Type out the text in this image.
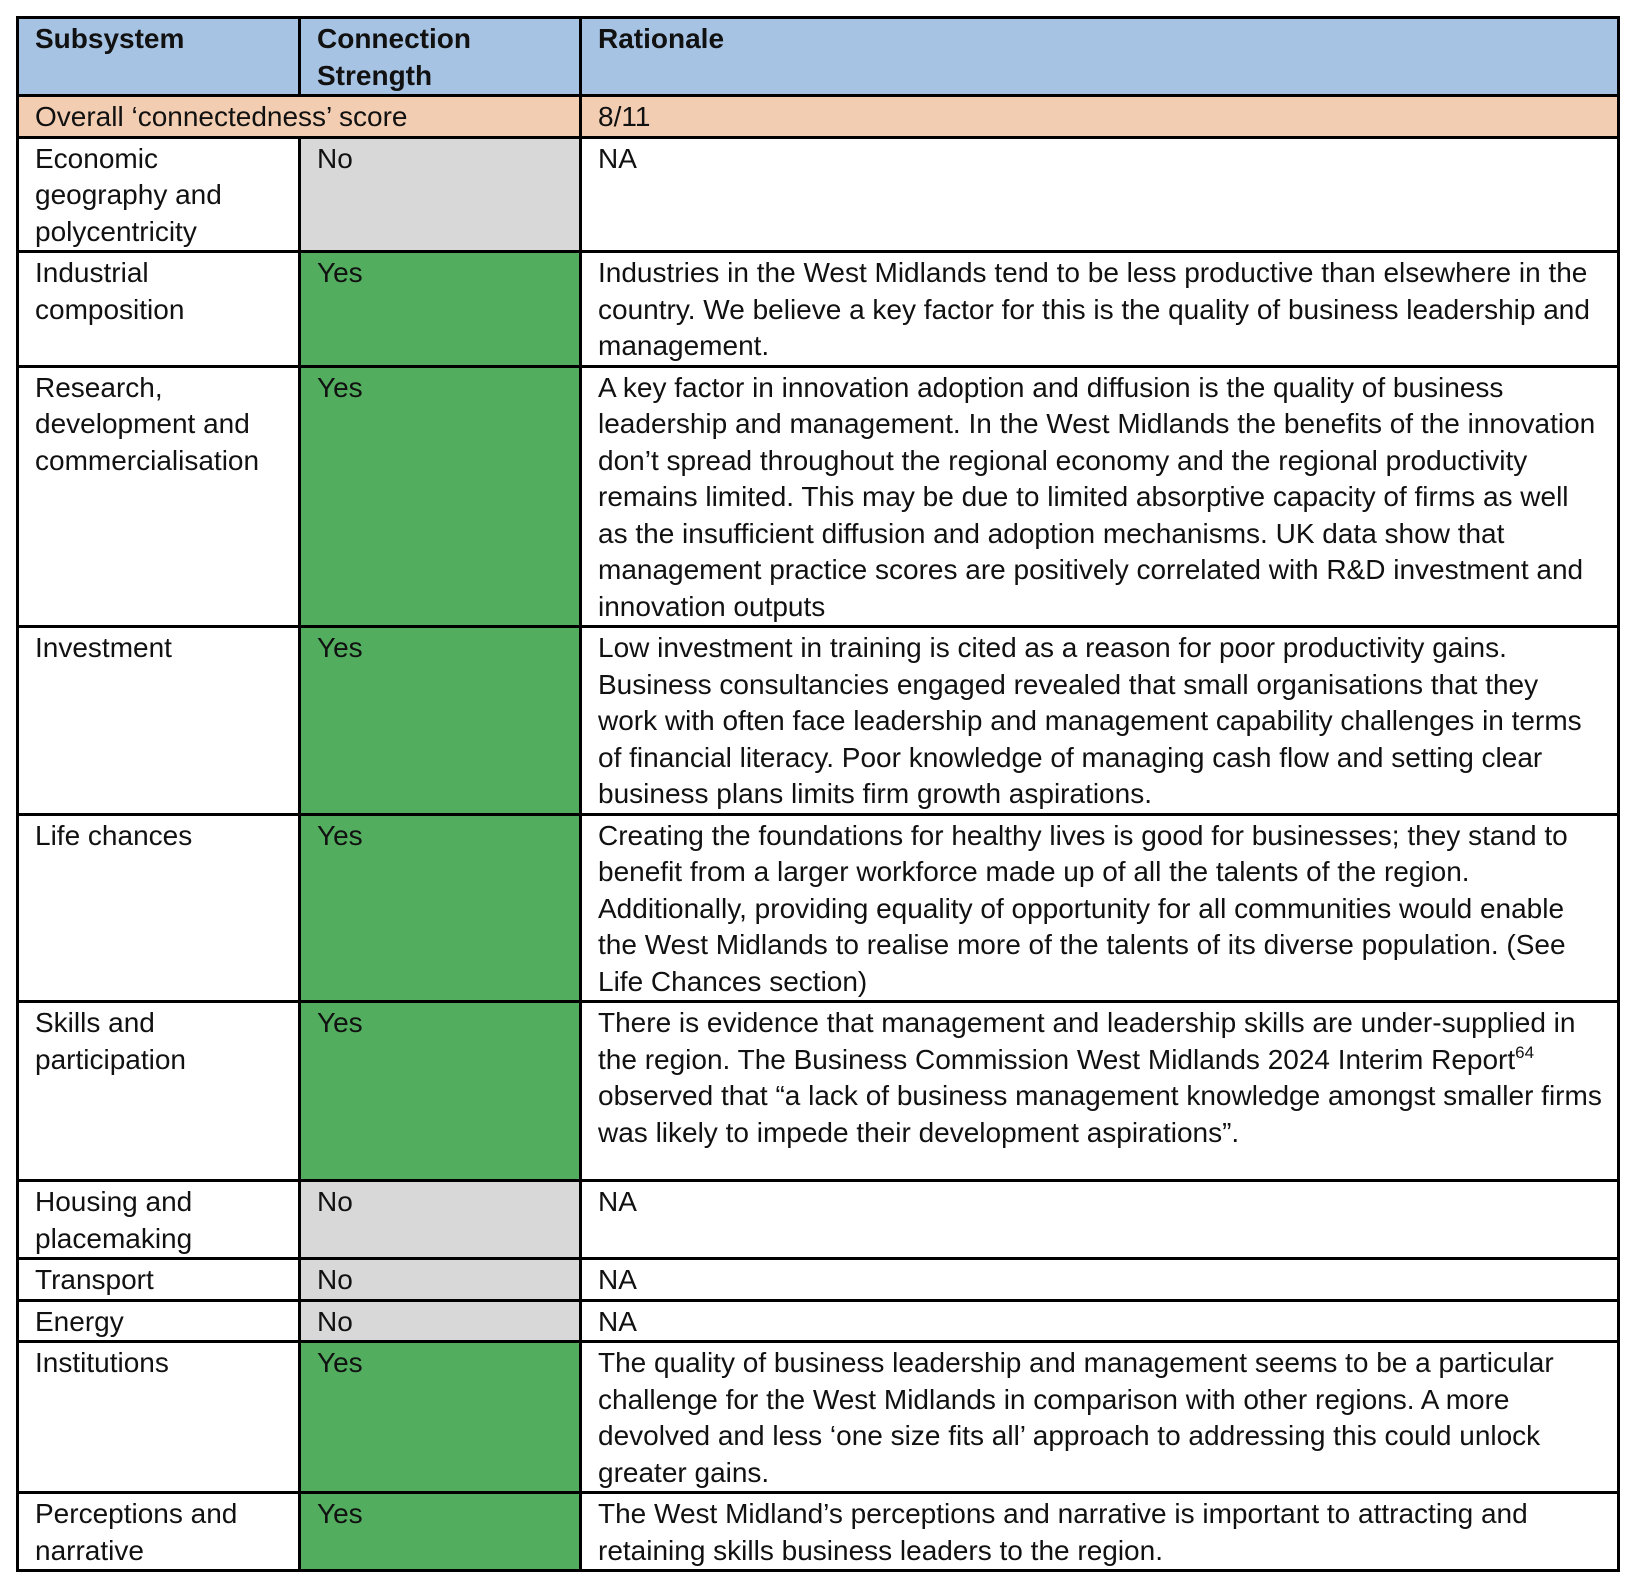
Subsystem	Connection Strength	Rationale
Overall ‘connectedness’ score		8/11
Economic geography and polycentricity	No	NA
Industrial composition	Yes	Industries in the West Midlands tend to be less productive than elsewhere in the country. We believe a key factor for this is the quality of business leadership and management.
Research, development and commercialisation	Yes	A key factor in innovation adoption and diffusion is the quality of business leadership and management. In the West Midlands the benefits of the innovation don’t spread throughout the regional economy and the regional productivity remains limited. This may be due to limited absorptive capacity of firms as well as the insufficient diffusion and adoption mechanisms. UK data show that management practice scores are positively correlated with R&D investment and innovation outputs
Investment	Yes	Low investment in training is cited as a reason for poor productivity gains. Business consultancies engaged revealed that small organisations that they work with often face leadership and management capability challenges in terms of financial literacy. Poor knowledge of managing cash flow and setting clear business plans limits firm growth aspirations.
Life chances	Yes	Creating the foundations for healthy lives is good for businesses; they stand to benefit from a larger workforce made up of all the talents of the region. Additionally, providing equality of opportunity for all communities would enable the West Midlands to realise more of the talents of its diverse population. (See Life Chances section)
Skills and participation	Yes	There is evidence that management and leadership skills are under-supplied in the region. The Business Commission West Midlands 2024 Interim Report$^{64}$ observed that “a lack of business management knowledge amongst smaller firms was likely to impede their development aspirations”.
Housing and placemaking	No	NA
Transport	No	NA
Energy	No	NA
Institutions	Yes	The quality of business leadership and management seems to be a particular challenge for the West Midlands in comparison with other regions. A more devolved and less ‘one size fits all’ approach to addressing this could unlock greater gains.
Perceptions and narrative	Yes	The West Midland’s perceptions and narrative is important to attracting and retaining skills business leaders to the region.
